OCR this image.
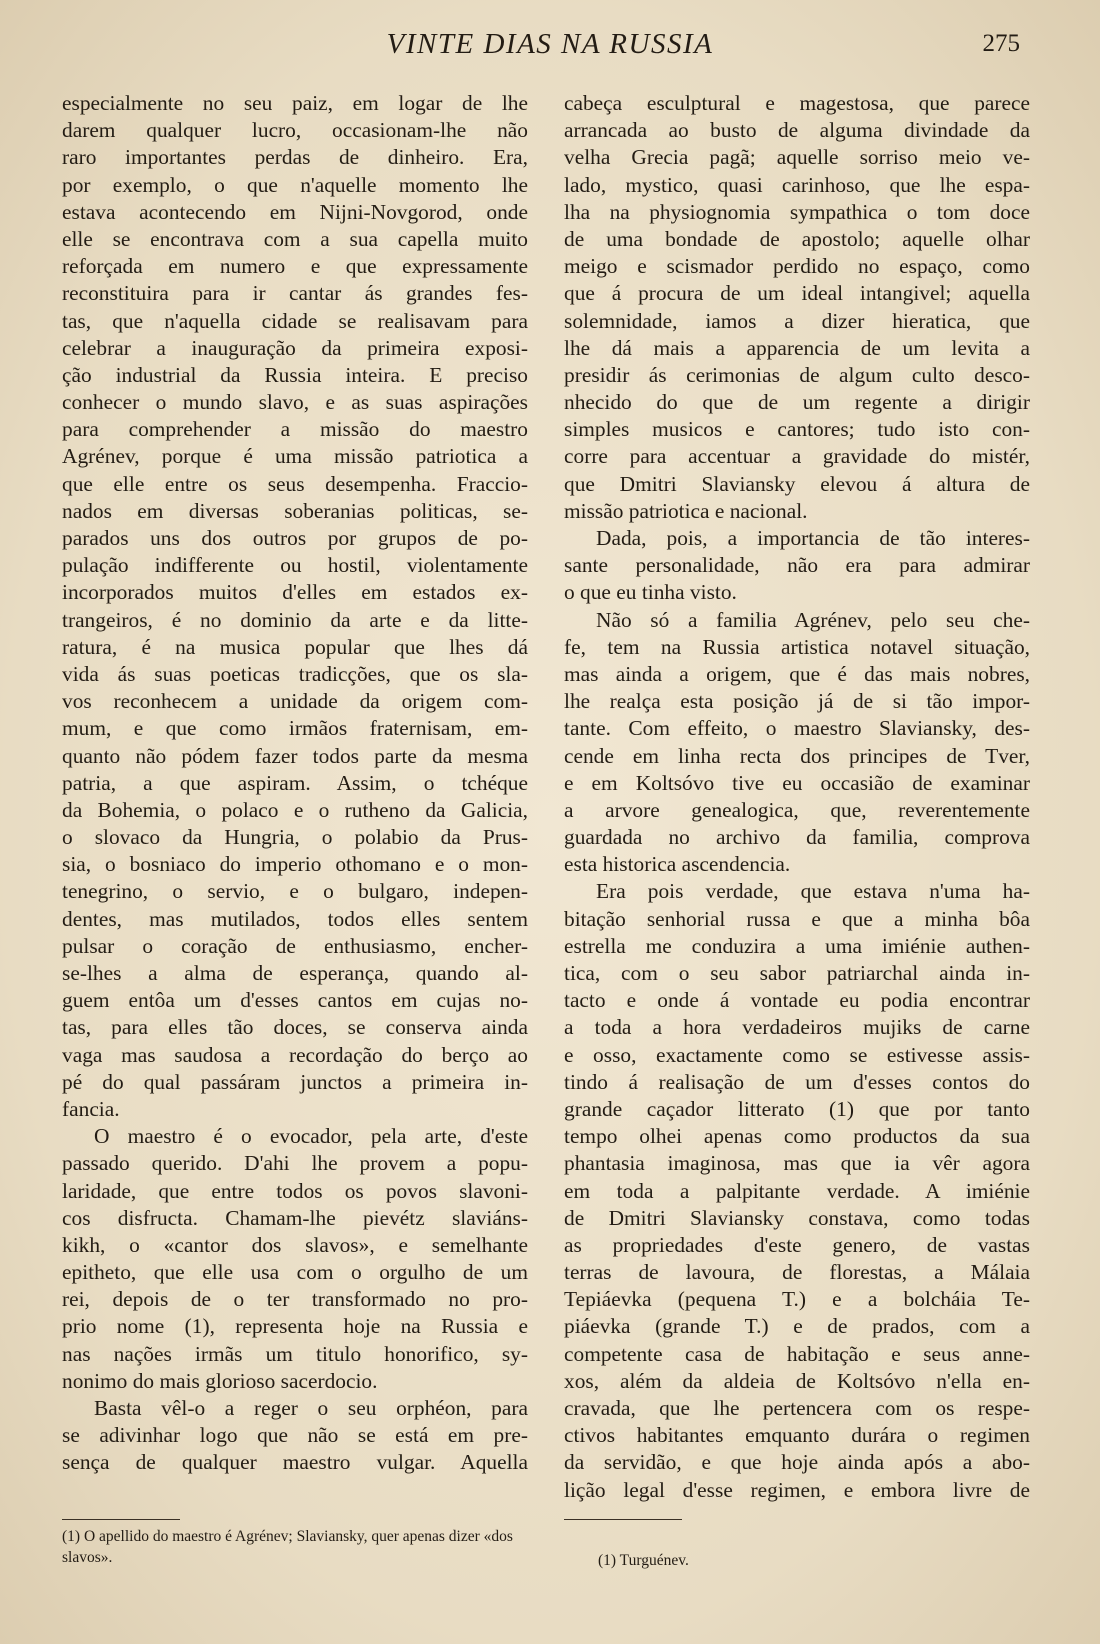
VINTE DIAS NA RUSSIA	275
especialmente no seu paiz, em logar de lhe
darem qualquer lucro, occasionam-lhe não
raro importantes perdas de dinheiro. Era,
por exemplo, o que n'aquelle momento lhe
estava acontecendo em Nijni-Novgorod, onde
elle se encontrava com a sua capella muito
reforçada em numero e que expressamente
reconstituira para ir cantar ás grandes fes-
tas, que n'aquella cidade se realisavam para
celebrar a inauguração da primeira exposi-
ção industrial da Russia inteira. E preciso
conhecer o mundo slavo, e as suas aspirações
para comprehender a missão do maestro
Agrénev, porque é uma missão patriotica a
que elle entre os seus desempenha. Fraccio-
nados em diversas soberanias politicas, se-
parados uns dos outros por grupos de po-
pulação indifferente ou hostil, violentamente
incorporados muitos d'elles em estados ex-
trangeiros, é no dominio da arte e da litte-
ratura, é na musica popular que lhes dá
vida ás suas poeticas tradicções, que os sla-
vos reconhecem a unidade da origem com-
mum, e que como irmãos fraternisam, em-
quanto não pódem fazer todos parte da mesma
patria, a que aspiram. Assim, o tchéque
da Bohemia, o polaco e o rutheno da Galicia,
o slovaco da Hungria, o polabio da Prus-
sia, o bosniaco do imperio othomano e o mon-
tenegrino, o servio, e o bulgaro, indepen-
dentes, mas mutilados, todos elles sentem
pulsar o coração de enthusiasmo, encher-
se-lhes a alma de esperança, quando al-
guem entôa um d'esses cantos em cujas no-
tas, para elles tão doces, se conserva ainda
vaga mas saudosa a recordação do berço ao
pé do qual passáram junctos a primeira in-
fancia.
O maestro é o evocador, pela arte, d'este
passado querido. D'ahi lhe provem a popu-
laridade, que entre todos os povos slavoni-
cos disfructa. Chamam-lhe pievétz slaviáns-
kikh, o «cantor dos slavos», e semelhante
epitheto, que elle usa com o orgulho de um
rei, depois de o ter transformado no pro-
prio nome (1), representa hoje na Russia e
nas nações irmãs um titulo honorifico, sy-
nonimo do mais glorioso sacerdocio.
Basta vêl-o a reger o seu orphéon, para
se adivinhar logo que não se está em pre-
sença de qualquer maestro vulgar. Aquella
cabeça esculptural e magestosa, que parece
arrancada ao busto de alguma divindade da
velha Grecia pagã; aquelle sorriso meio ve-
lado, mystico, quasi carinhoso, que lhe espa-
lha na physiognomia sympathica o tom doce
de uma bondade de apostolo; aquelle olhar
meigo e scismador perdido no espaço, como
que á procura de um ideal intangivel; aquella
solemnidade, iamos a dizer hieratica, que
lhe dá mais a apparencia de um levita a
presidir ás cerimonias de algum culto desco-
nhecido do que de um regente a dirigir
simples musicos e cantores; tudo isto con-
corre para accentuar a gravidade do mistér,
que Dmitri Slaviansky elevou á altura de
missão patriotica e nacional.
Dada, pois, a importancia de tão interes-
sante personalidade, não era para admirar
o que eu tinha visto.
Não só a familia Agrénev, pelo seu che-
fe, tem na Russia artistica notavel situação,
mas ainda a origem, que é das mais nobres,
lhe realça esta posição já de si tão impor-
tante. Com effeito, o maestro Slaviansky, des-
cende em linha recta dos principes de Tver,
e em Koltsóvo tive eu occasião de examinar
a arvore genealogica, que, reverentemente
guardada no archivo da familia, comprova
esta historica ascendencia.
Era pois verdade, que estava n'uma ha-
bitação senhorial russa e que a minha bôa
estrella me conduzira a uma imiénie authen-
tica, com o seu sabor patriarchal ainda in-
tacto e onde á vontade eu podia encontrar
a toda a hora verdadeiros mujiks de carne
e osso, exactamente como se estivesse assis-
tindo á realisação de um d'esses contos do
grande caçador litterato (1) que por tanto
tempo olhei apenas como productos da sua
phantasia imaginosa, mas que ia vêr agora
em toda a palpitante verdade. A imiénie
de Dmitri Slaviansky constava, como todas
as propriedades d'este genero, de vastas
terras de lavoura, de florestas, a Málaia
Tepiáevka (pequena T.) e a bolcháia Te-
piáevka (grande T.) e de prados, com a
competente casa de habitação e seus anne-
xos, além da aldeia de Koltsóvo n'ella en-
cravada, que lhe pertencera com os respe-
ctivos habitantes emquanto durára o regimen
da servidão, e que hoje ainda após a abo-
lição legal d'esse regimen, e embora livre de
(1) O apellido do maestro é Agrénev; Slaviansky, quer apenas dizer «dos slavos».	(1) Turguénev.
